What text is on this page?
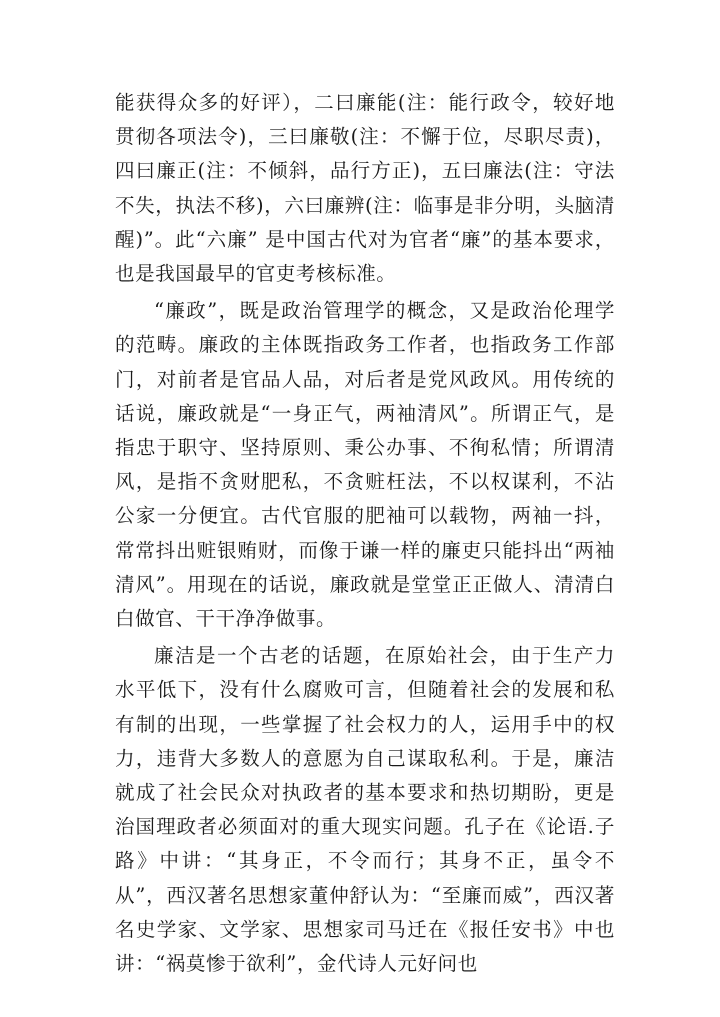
能获得众多的好评），二曰廉能(注：能行政令，较好地贯彻各项法令)，三曰廉敬(注：不懈于位，尽职尽责)，四曰廉正(注：不倾斜，品行方正)，五曰廉法(注：守法不失，执法不移)，六曰廉辨(注：临事是非分明，头脑清醒)”。此“六廉” 是中国古代对为官者“廉”的基本要求，也是我国最早的官吏考核标准。

“廉政”，既是政治管理学的概念，又是政治伦理学的范畴。廉政的主体既指政务工作者，也指政务工作部门，对前者是官品人品，对后者是党风政风。用传统的话说，廉政就是“一身正气，两袖清风”。所谓正气，是指忠于职守、坚持原则、秉公办事、不徇私情；所谓清风，是指不贪财肥私，不贪赃枉法，不以权谋利，不沾公家一分便宜。古代官服的肥袖可以载物，两袖一抖，常常抖出赃银贿财，而像于谦一样的廉吏只能抖出“两袖清风”。用现在的话说，廉政就是堂堂正正做人、清清白白做官、干干净净做事。

廉洁是一个古老的话题，在原始社会，由于生产力水平低下，没有什么腐败可言，但随着社会的发展和私有制的出现，一些掌握了社会权力的人，运用手中的权力，违背大多数人的意愿为自己谋取私利。于是，廉洁就成了社会民众对执政者的基本要求和热切期盼，更是治国理政者必须面对的重大现实问题。孔子在《论语.子路》中讲：“其身正，不令而行；其身不正，虽令不从”，西汉著名思想家董仲舒认为：“至廉而威”，西汉著名史学家、文学家、思想家司马迁在《报任安书》中也讲：“祸莫惨于欲利”，金代诗人元好问也
